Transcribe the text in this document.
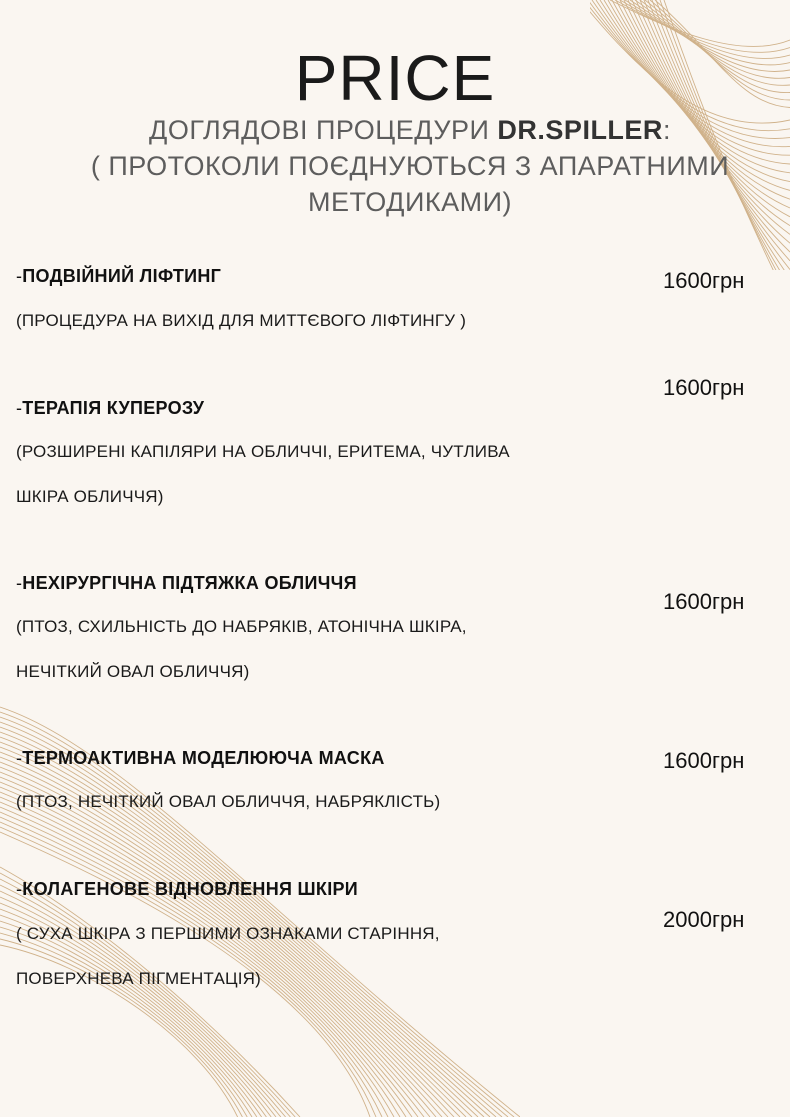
PRICE
ДОГЛЯДОВІ ПРОЦЕДУРИ DR.SPILLER:
( ПРОТОКОЛИ ПОЄДНУЮТЬСЯ З АПАРАТНИМИ
МЕТОДИКАМИ)
-ПОДВІЙНИЙ ЛІФТИНГ	1600грн
(ПРОЦЕДУРА НА ВИХІД ДЛЯ МИТТЄВОГО ЛІФТИНГУ )
1600грн
-ТЕРАПІЯ КУПЕРОЗУ
(РОЗШИРЕНІ КАПІЛЯРИ НА ОБЛИЧЧІ, ЕРИТЕМА, ЧУТЛИВА
ШКІРА ОБЛИЧЧЯ)
-НЕХІРУРГІЧНА ПІДТЯЖКА ОБЛИЧЧЯ
1600грн
(ПТОЗ, СХИЛЬНІСТЬ ДО НАБРЯКІВ, АТОНІЧНА ШКІРА,
НЕЧІТКИЙ ОВАЛ ОБЛИЧЧЯ)
-ТЕРМОАКТИВНА МОДЕЛЮЮЧА МАСКА	1600грн
(ПТОЗ, НЕЧІТКИЙ ОВАЛ ОБЛИЧЧЯ, НАБРЯКЛІСТЬ)
-КОЛАГЕНОВЕ ВІДНОВЛЕННЯ ШКІРИ
2000грн
( СУХА ШКІРА З ПЕРШИМИ ОЗНАКАМИ СТАРІННЯ,
ПОВЕРХНЕВА ПІГМЕНТАЦІЯ)
